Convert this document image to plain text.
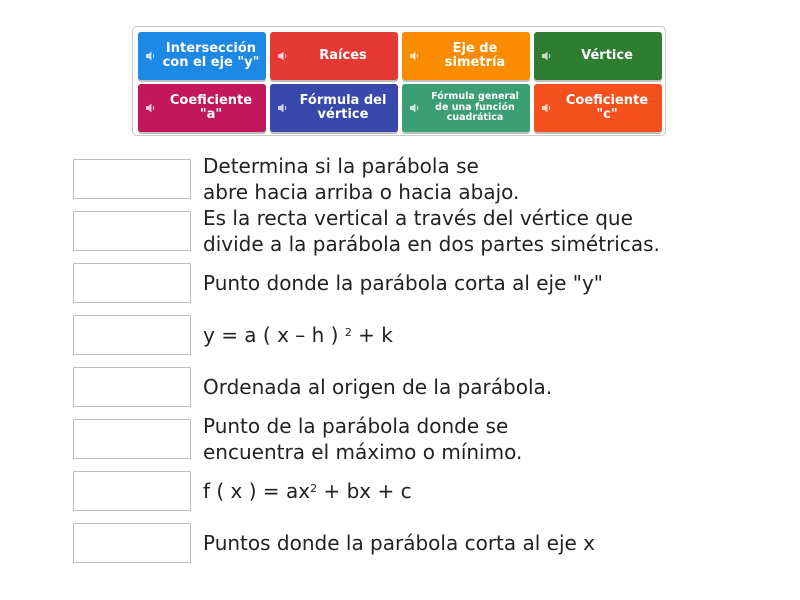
Intersección con el eje "y"	Raíces	Eje de simetría	Vértice
Coeficiente "a"
Fórmula del vértice
Fórmula general de una función cuadrática
Coeficiente "c"
Determina si la parábola se
abre hacia arriba o hacia abajo.
Es la recta vertical a través del vértice que
divide a la parábola en dos partes simétricas.
Punto donde la parábola corta al eje "y"
y = a ( x – h ) $^2$ + k
Ordenada al origen de la parábola.
Punto de la parábola donde se
encuentra el máximo o mínimo.
f ( x ) = $ax^2$ + bx + c
Puntos donde la parábola corta al eje x
